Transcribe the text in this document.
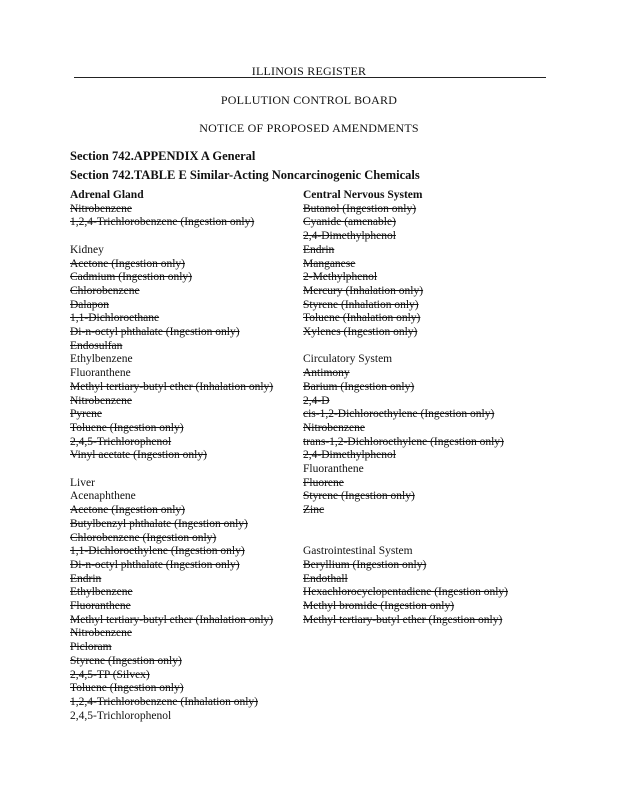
ILLINOIS REGISTER
POLLUTION CONTROL BOARD
NOTICE OF PROPOSED AMENDMENTS
Section 742.APPENDIX A General
Section 742.TABLE E Similar-Acting Noncarcinogenic Chemicals
Adrenal Gland
Nitrobenzene
1,2,4-Trichlorobenzene (Ingestion only)
Kidney
Acetone (Ingestion only)
Cadmium (Ingestion only)
Chlorobenzene
Dalapon
1,1-Dichloroethane
Di-n-octyl phthalate (Ingestion only)
Endosulfan
Ethylbenzene
Fluoranthene
Methyl tertiary-butyl ether (Inhalation only)
Nitrobenzene
Pyrene
Toluene (Ingestion only)
2,4,5-Trichlorophenol
Vinyl acetate (Ingestion only)
Liver
Acenaphthene
Acetone (Ingestion only)
Butylbenzyl phthalate (Ingestion only)
Chlorobenzene (Ingestion only)
1,1-Dichloroethylene (Ingestion only)
Di-n-octyl phthalate (Ingestion only)
Endrin
Ethylbenzene
Fluoranthene
Methyl tertiary-butyl ether (Inhalation only)
Nitrobenzene
Picloram
Styrene (Ingestion only)
2,4,5-TP (Silvex)
Toluene (Ingestion only)
1,2,4-Trichlorobenzene (Inhalation only)
2,4,5-Trichlorophenol
Central Nervous System
Butanol (Ingestion only)
Cyanide (amenable)
2,4-Dimethylphenol
Endrin
Manganese
2-Methylphenol
Mercury (Inhalation only)
Styrene (Inhalation only)
Toluene (Inhalation only)
Xylenes (Ingestion only)
Circulatory System
Antimony
Barium (Ingestion only)
2,4-D
cis-1,2-Dichloroethylene (Ingestion only)
Nitrobenzene
trans-1,2-Dichloroethylene (Ingestion only)
2,4-Dimethylphenol
Fluoranthene
Fluorene
Styrene (Ingestion only)
Zinc
Gastrointestinal System
Beryllium (Ingestion only)
Endothall
Hexachlorocyclopentadiene (Ingestion only)
Methyl bromide (Ingestion only)
Methyl tertiary-butyl ether (Ingestion only)
